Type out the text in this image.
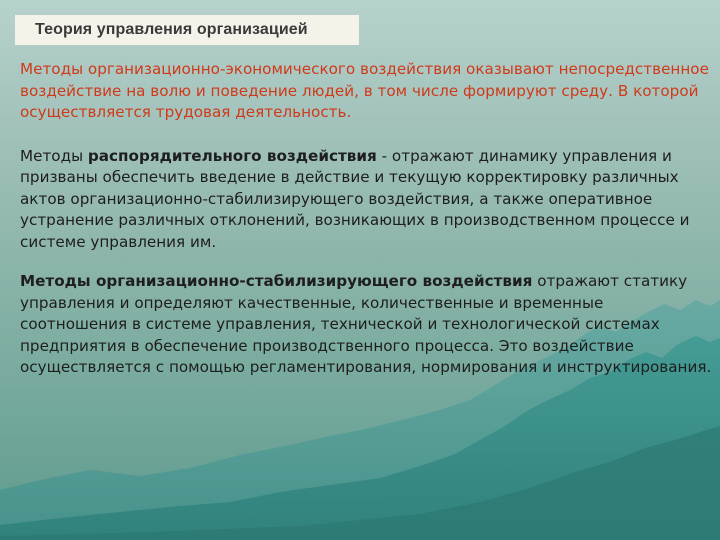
Теория управления организацией

Методы организационно-экономического воздействия оказывают непосредственное воздействие на волю и поведение людей, в том числе формируют среду. В которой осуществляется трудовая деятельность.

Методы распорядительного воздействия - отражают динамику управления и призваны обеспечить введение в действие и текущую корректировку различных актов организационно-стабилизирующего воздействия, а также оперативное устранение различных отклонений, возникающих в производственном процессе и системе управления им.

Методы организационно-стабилизирующего воздействия отражают статику управления и определяют качественные, количественные и временные соотношения в системе управления, технической и технологической системах предприятия в обеспечение производственного процесса. Это воздействие осуществляется с помощью регламентирования, нормирования и инструктирования.
